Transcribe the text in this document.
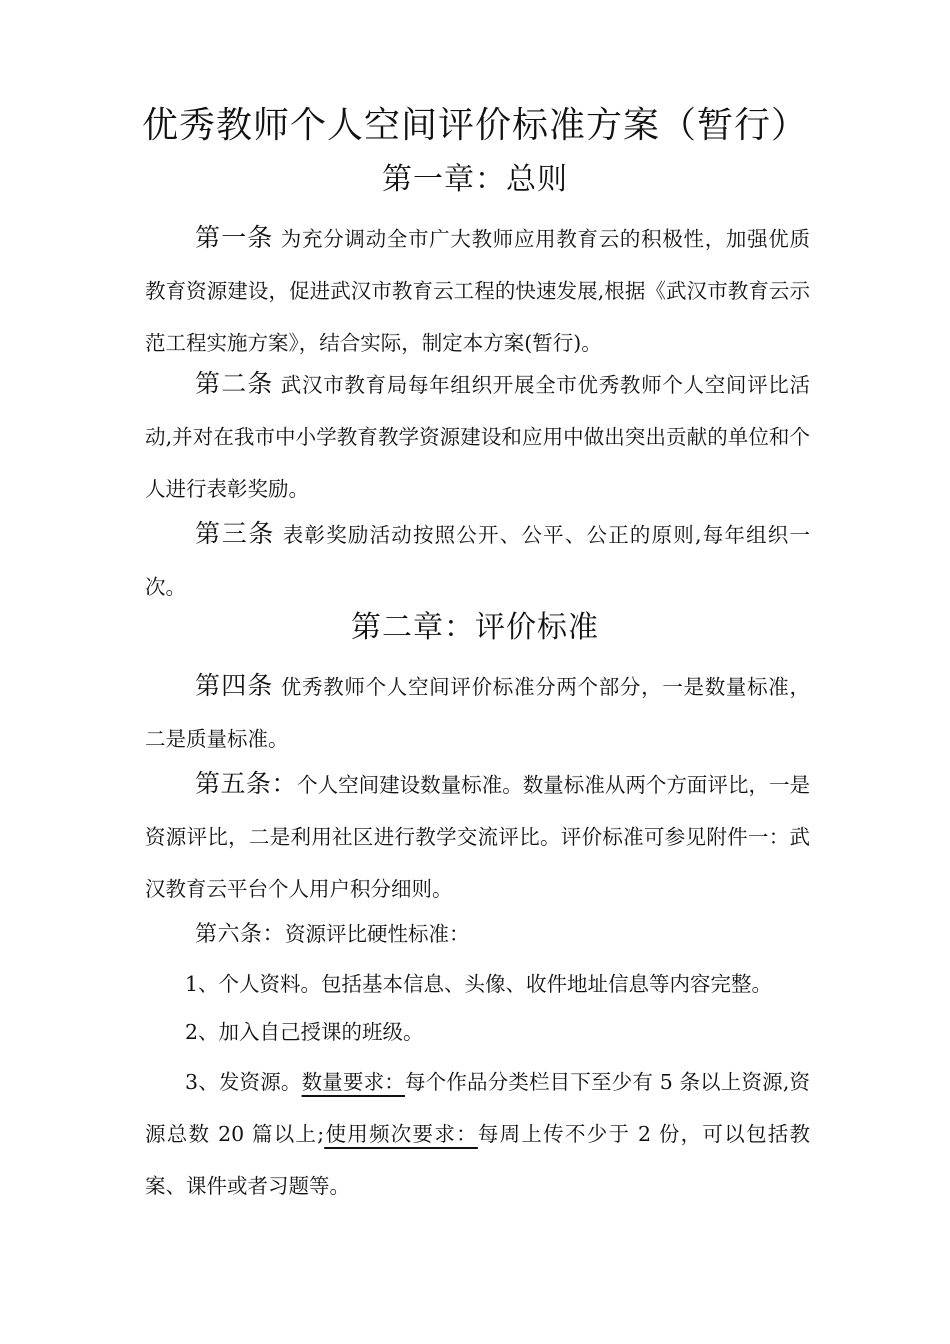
优秀教师个人空间评价标准方案（暂行）
第一章：总则
第一条 为充分调动全市广大教师应用教育云的积极性，加强优质教育资源建设，促进武汉市教育云工程的快速发展,根据《武汉市教育云示范工程实施方案》，结合实际，制定本方案(暂行)。
第二条 武汉市教育局每年组织开展全市优秀教师个人空间评比活动,并对在我市中小学教育教学资源建设和应用中做出突出贡献的单位和个人进行表彰奖励。
第三条 表彰奖励活动按照公开、公平、公正的原则,每年组织一次。
第二章：评价标准
第四条 优秀教师个人空间评价标准分两个部分，一是数量标准，二是质量标准。
第五条：个人空间建设数量标准。数量标准从两个方面评比，一是资源评比，二是利用社区进行教学交流评比。评价标准可参见附件一：武汉教育云平台个人用户积分细则。
第六条：资源评比硬性标准：
1、个人资料。包括基本信息、头像、收件地址信息等内容完整。
2、加入自己授课的班级。
3、发资源。数量要求：每个作品分类栏目下至少有 5 条以上资源,资源总数 20 篇以上;使用频次要求：每周上传不少于 2 份，可以包括教案、课件或者习题等。
